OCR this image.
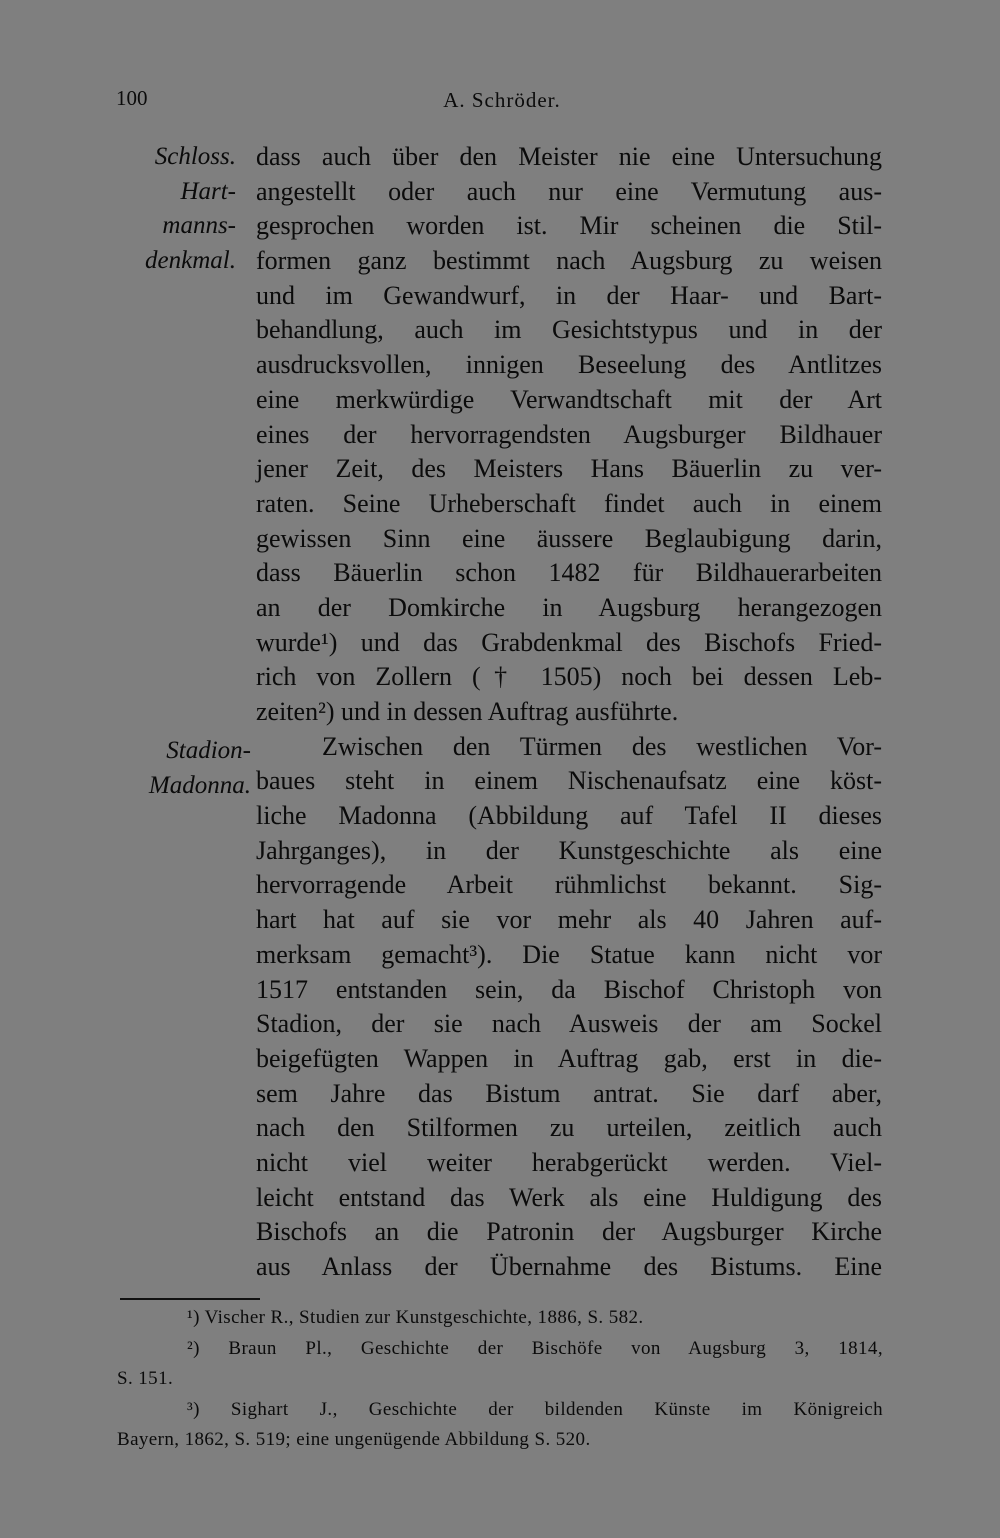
100	A. Schröder.
Schloss.
Hart-
manns-
denkmal.
Stadion-
Madonna.
dass auch über den Meister nie eine Untersuchung
angestellt oder auch nur eine Vermutung aus-
gesprochen worden ist. Mir scheinen die Stil-
formen ganz bestimmt nach Augsburg zu weisen
und im Gewandwurf, in der Haar- und Bart-
behandlung, auch im Gesichtstypus und in der
ausdrucksvollen, innigen Beseelung des Antlitzes
eine merkwürdige Verwandtschaft mit der Art
eines der hervorragendsten Augsburger Bildhauer
jener Zeit, des Meisters Hans Bäuerlin zu ver-
raten. Seine Urheberschaft findet auch in einem
gewissen Sinn eine äussere Beglaubigung darin,
dass Bäuerlin schon 1482 für Bildhauerarbeiten
an der Domkirche in Augsburg herangezogen
wurde¹) und das Grabdenkmal des Bischofs Fried-
rich von Zollern († 1505) noch bei dessen Leb-
zeiten²) und in dessen Auftrag ausführte.
Zwischen den Türmen des westlichen Vor-
baues steht in einem Nischenaufsatz eine köst-
liche Madonna (Abbildung auf Tafel II dieses
Jahrganges), in der Kunstgeschichte als eine
hervorragende Arbeit rühmlichst bekannt. Sig-
hart hat auf sie vor mehr als 40 Jahren auf-
merksam gemacht³). Die Statue kann nicht vor
1517 entstanden sein, da Bischof Christoph von
Stadion, der sie nach Ausweis der am Sockel
beigefügten Wappen in Auftrag gab, erst in die-
sem Jahre das Bistum antrat. Sie darf aber,
nach den Stilformen zu urteilen, zeitlich auch
nicht viel weiter herabgerückt werden. Viel-
leicht entstand das Werk als eine Huldigung des
Bischofs an die Patronin der Augsburger Kirche
aus Anlass der Übernahme des Bistums. Eine
¹) Vischer R., Studien zur Kunstgeschichte, 1886, S. 582.
²) Braun Pl., Geschichte der Bischöfe von Augsburg 3, 1814,
S. 151.
³) Sighart J., Geschichte der bildenden Künste im Königreich
Bayern, 1862, S. 519; eine ungenügende Abbildung S. 520.
